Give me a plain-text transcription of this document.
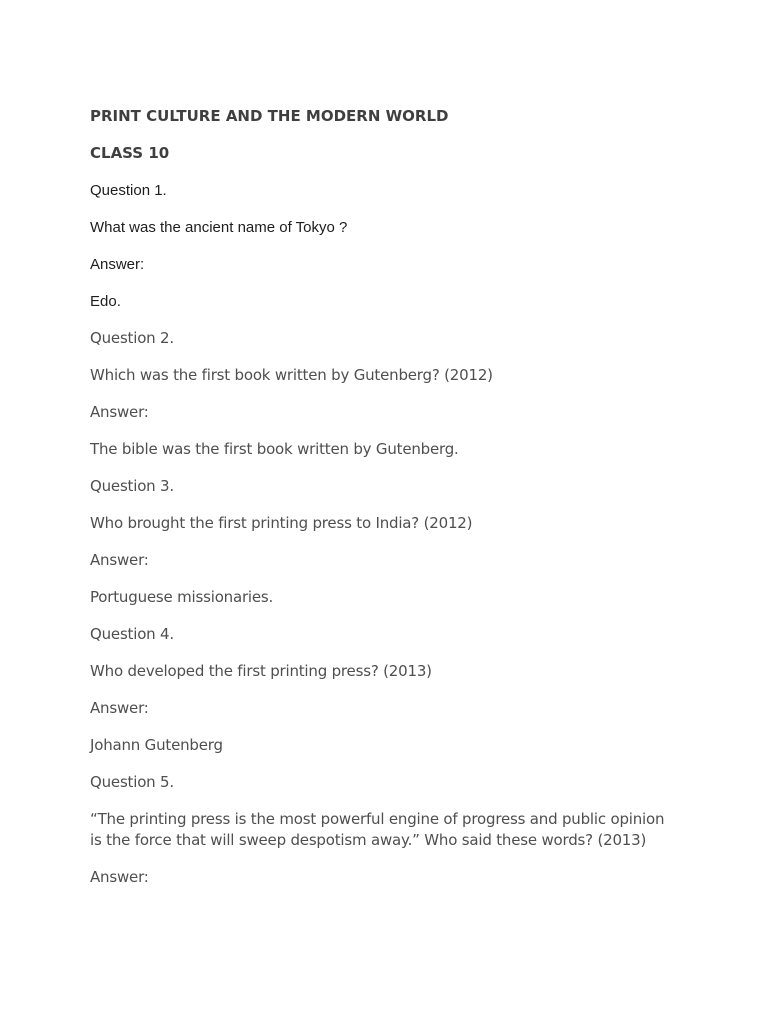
PRINT CULTURE AND THE MODERN WORLD

CLASS 10

Question 1.

What was the ancient name of Tokyo ?

Answer:

Edo.

Question 2.

Which was the first book written by Gutenberg? (2012)

Answer:

The bible was the first book written by Gutenberg.

Question 3.

Who brought the first printing press to India? (2012)

Answer:

Portuguese missionaries.

Question 4.

Who developed the first printing press? (2013)

Answer:

Johann Gutenberg

Question 5.

“The printing press is the most powerful engine of progress and public opinion is the force that will sweep despotism away.” Who said these words? (2013)

Answer:
